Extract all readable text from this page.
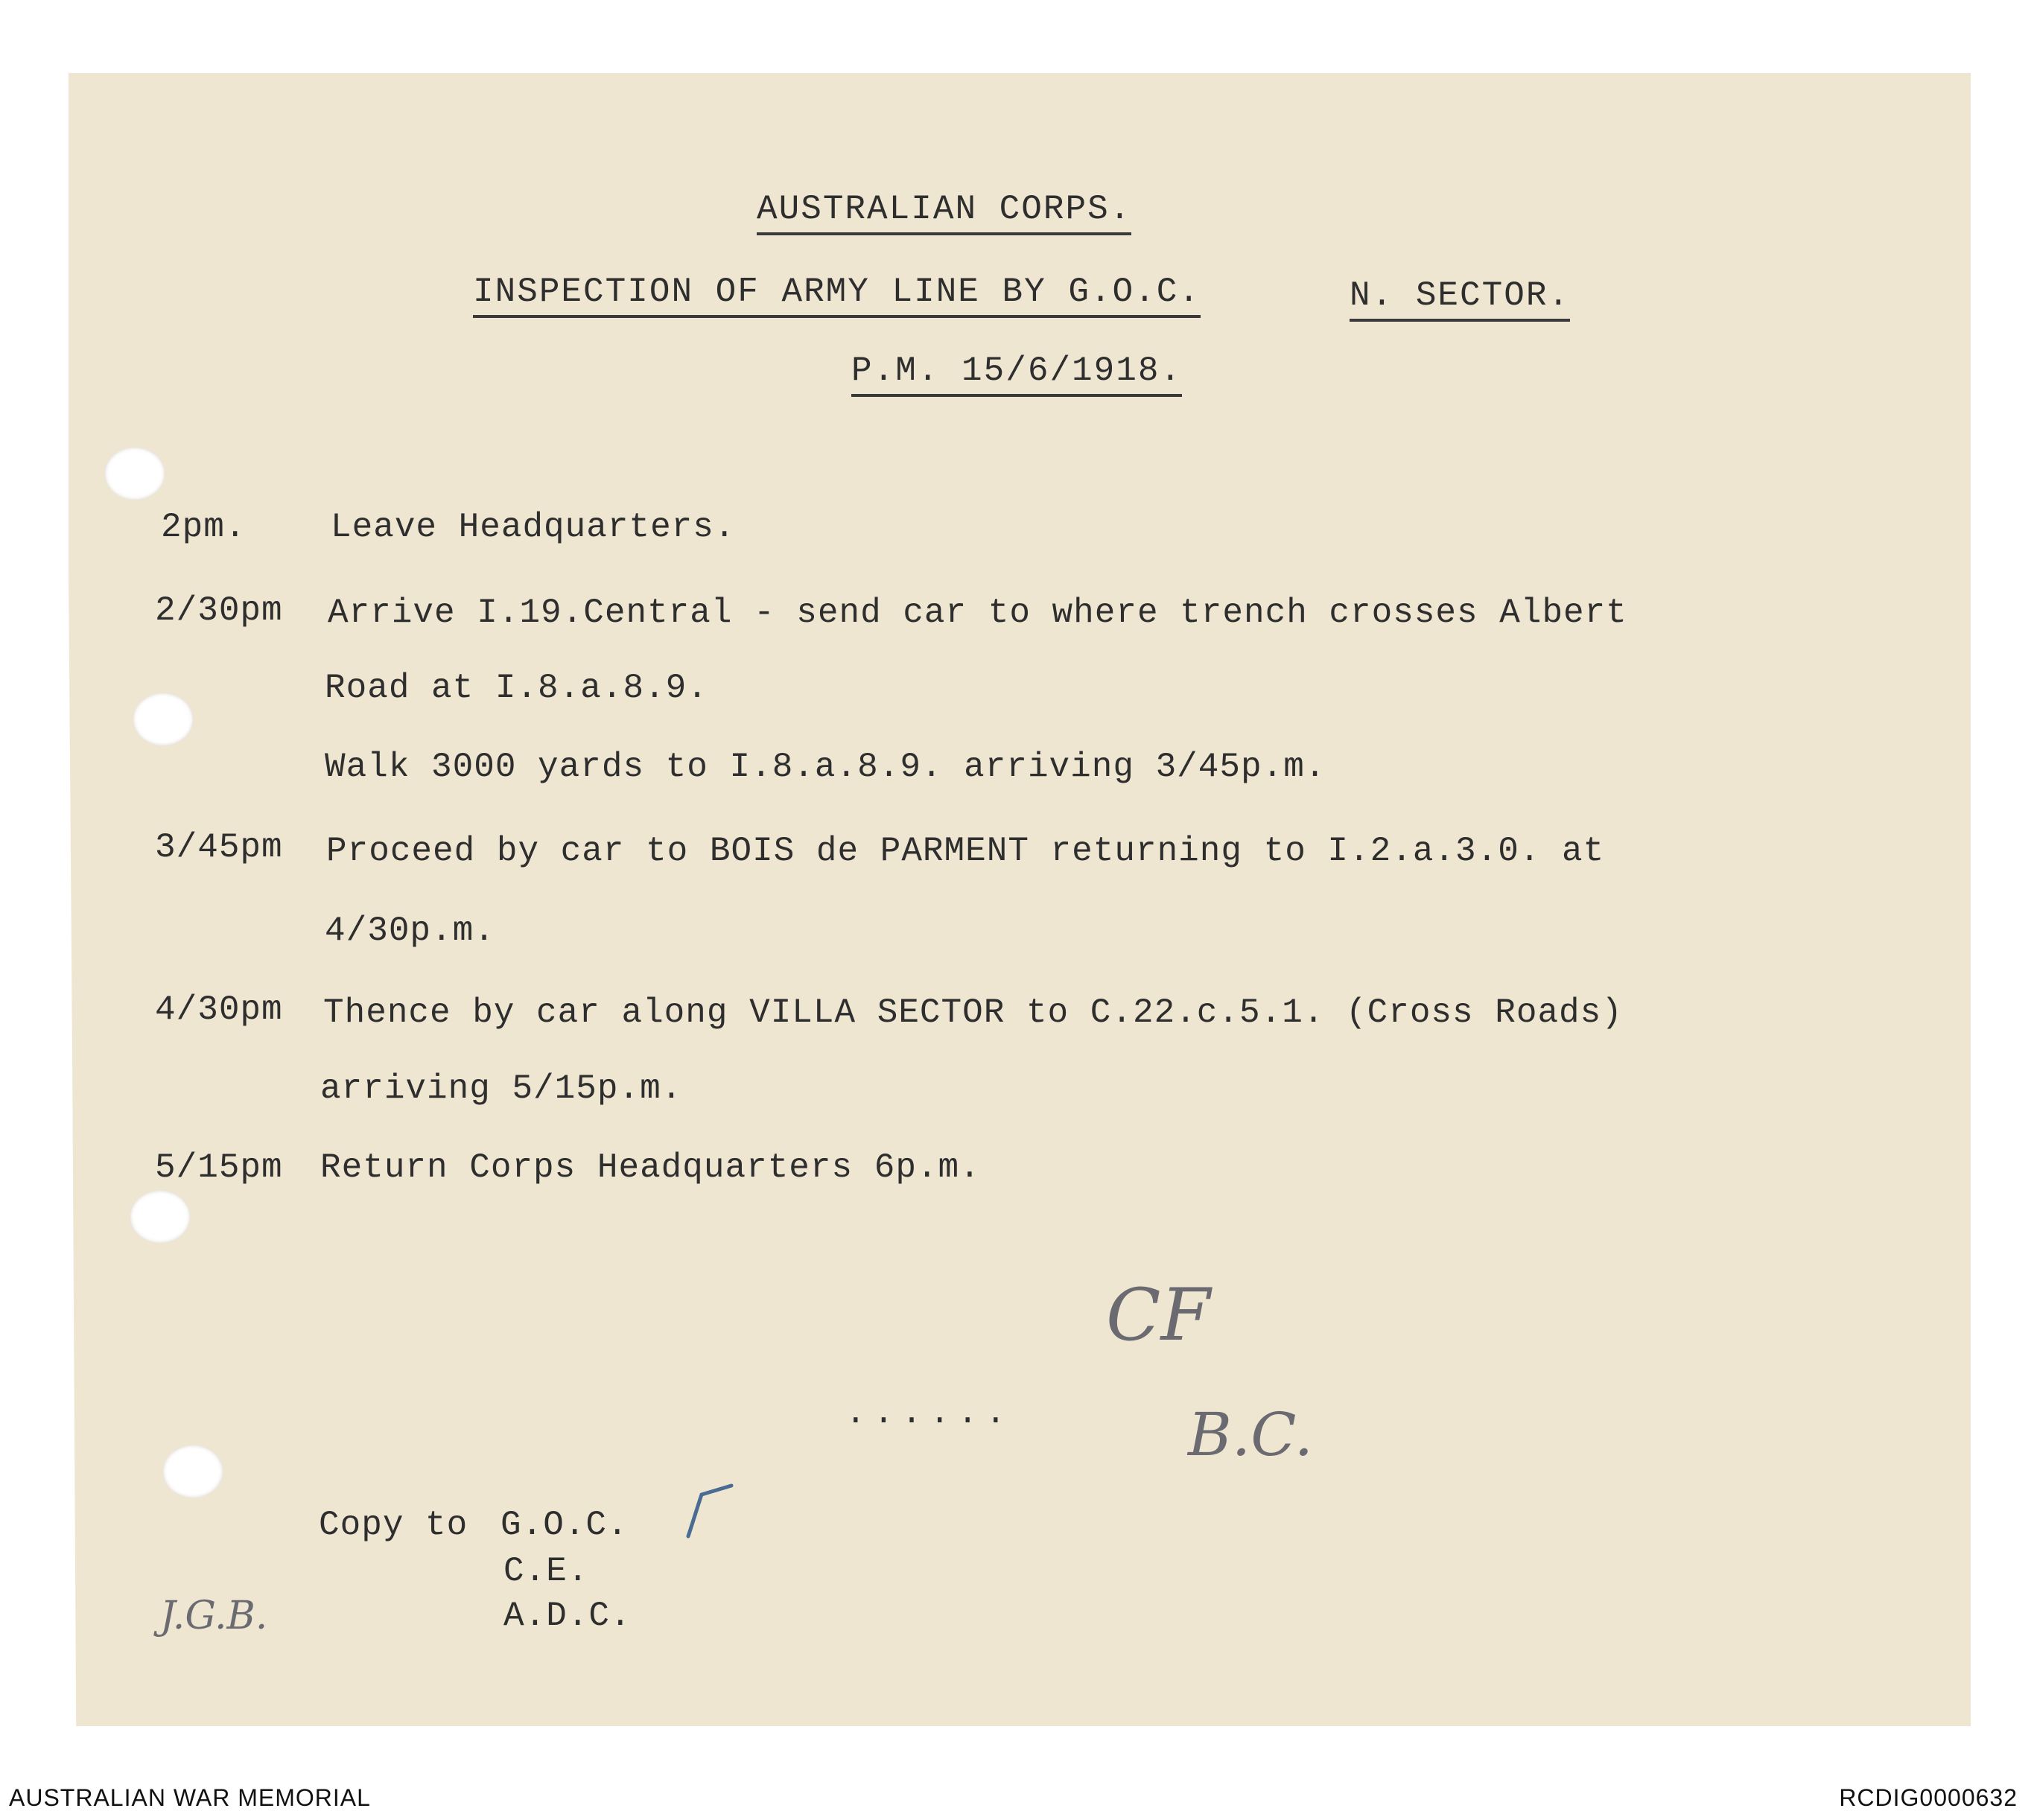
AUSTRALIAN CORPS.
INSPECTION OF ARMY LINE BY G.O.C.	N. SECTOR.
P.M. 15/6/1918.
2pm. Leave Headquarters.
2/30pm Arrive I.19.Central - send car to where trench crosses Albert
Road at I.8.a.8.9.
Walk 3000 yards to I.8.a.8.9. arriving 3/45p.m.
3/45pm Proceed by car to BOIS de PARMENT returning to I.2.a.3.0. at
4/30p.m.
4/30pm Thence by car along VILLA SECTOR to C.22.c.5.1. (Cross Roads)
arriving 5/15p.m.
5/15pm Return Corps Headquarters 6p.m.
......
Copy to G.O.C.
C.E.
A.D.C.
CF
B.C.
J.G.B.
AUSTRALIAN WAR MEMORIAL	RCDIG0000632
